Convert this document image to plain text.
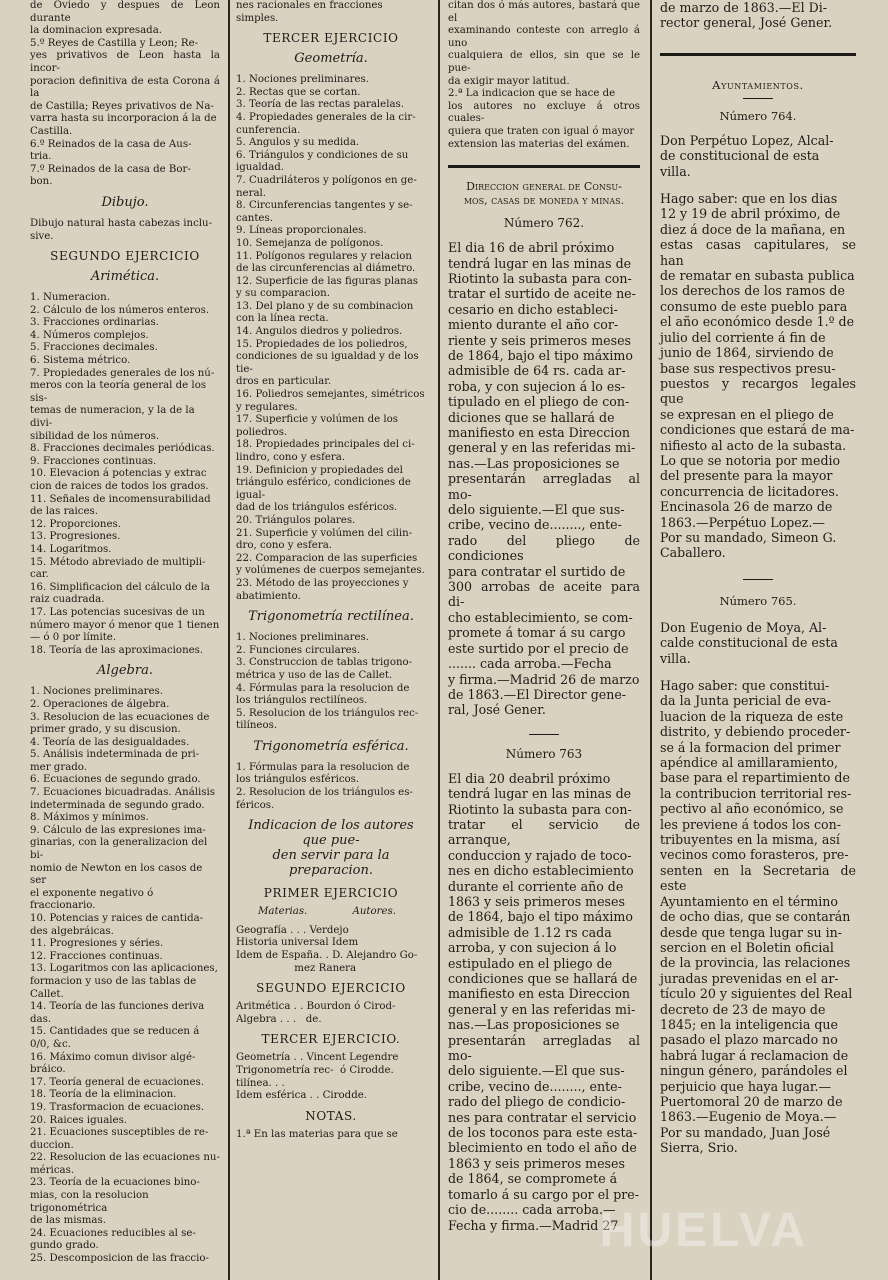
de Oviedo y despues de Leon durante
la dominacion expresada.
5.º Reyes de Castilla y Leon; Re-
yes privativos de Leon hasta la incor-
poracion definitiva de esta Corona á la
de Castilla; Reyes privativos de Na-
varra hasta su incorporacion á la de
Castilla.
6.º Reinados de la casa de Aus-
tria.
7.º Reinados de la casa de Bor-
bon.
Dibujo.
Dibujo natural hasta cabezas inclu-
sive.
SEGUNDO EJERCICIO
Arimética.
1. Numeracion.
2. Cálculo de los números enteros.
3. Fracciones ordinarias.
4. Números complejos.
5. Fracciones decimales.
6. Sistema métrico.
7. Propiedades generales de los nú-
meros con la teoría general de los sis-
temas de numeracion, y la de la divi-
sibilidad de los números.
8. Fracciones decimales periódicas.
9. Fracciones continuas.
10. Elevacion á potencias y extrac
cion de raices de todos los grados.
11. Señales de incomensurabilidad
de las raices.
12. Proporciones.
13. Progresiones.
14. Logaritmos.
15. Método abreviado de multipli-
car.
16. Simplificacion del cálculo de la
raiz cuadrada.
17. Las potencias sucesivas de un
número mayor ó menor que 1 tienen
— ó 0 por límite.
18. Teoría de las aproximaciones.
Algebra.
1. Nociones preliminares.
2. Operaciones de álgebra.
3. Resolucion de las ecuaciones de
primer grado, y su discusion.
4. Teoría de las desigualdades.
5. Análisis indeterminada de pri-
mer grado.
6. Ecuaciones de segundo grado.
7. Ecuaciones bicuadradas. Análisis
indeterminada de segundo grado.
8. Máximos y mínimos.
9. Cálculo de las expresiones ima-
ginarias, con la generalizacion del bi-
nomio de Newton en los casos de ser
el exponente negativo ó fraccionario.
10. Potencias y raices de cantida-
des algebráicas.
11. Progresiones y séries.
12. Fracciones continuas.
13. Logaritmos con las aplicaciones,
formacion y uso de las tablas de
Callet.
14. Teoría de las funciones deriva
das.
15. Cantidades que se reducen á
0/0, &c.
16. Máximo comun divisor algé-
bráico.
17. Teoría general de ecuaciones.
18. Teoría de la eliminacion.
19. Trasformacion de ecuaciones.
20. Raices iguales.
21. Ecuaciones susceptibles de re-
duccion.
22. Resolucion de las ecuaciones nu-
méricas.
23. Teoría de la ecuaciones bino-
mias, con la resolucion trigonométrica
de las mismas.
24. Ecuaciones reducibles al se-
gundo grado.
25. Descomposicion de las fraccio-
nes racionales en fracciones simples.
TERCER EJERCICIO
Geometría.
1. Nociones preliminares.
2. Rectas que se cortan.
3. Teoría de las rectas paralelas.
4. Propiedades generales de la cir-
cunferencia.
5. Angulos y su medida.
6. Triángulos y condiciones de su
igualdad.
7. Cuadriláteros y polígonos en ge-
neral.
8. Circunferencias tangentes y se-
cantes.
9. Líneas proporcionales.
10. Semejanza de polígonos.
11. Polígonos regulares y relacion
de las circunferencias al diámetro.
12. Superficie de las figuras planas
y su comparacion.
13. Del plano y de su combinacion
con la línea recta.
14. Angulos diedros y poliedros.
15. Propiedades de los poliedros,
condiciones de su igualdad y de los tie-
dros en particular.
16. Poliedros semejantes, simétricos
y regulares.
17. Superficie y volúmen de los
poliedros.
18. Propiedades principales del ci-
lindro, cono y esfera.
19. Definicion y propiedades del
triángulo esférico, condiciones de igual-
dad de los triángulos esféricos.
20. Triángulos polares.
21. Superficie y volúmen del cilin-
dro, cono y esfera.
22. Comparacion de las superficies
y volúmenes de cuerpos semejantes.
23. Método de las proyecciones y
abatimiento.
Trigonometría rectilínea.
1. Nociones preliminares.
2. Funciones circulares.
3. Construccion de tablas trigono-
métrica y uso de las de Callet.
4. Fórmulas para la resolucion de
los triángulos rectilíneos.
5. Resolucion de los triángulos rec-
tilíneos.
Trigonometría esférica.
1. Fórmulas para la resolucion de
los triángulos esféricos.
2. Resolucion de los triángulos es-
féricos.
Indicacion de los autores que pue-
den servir para la preparacion.
PRIMER EJERCICIO
Materias.	Autores.
Geografía . . . Verdejo
Historia universal Idem
Idem de España. . D. Alejandro Go-
mez Ranera
SEGUNDO EJERCICIO
Aritmética . . Bourdon ó Cirod-
Algebra . . .   de.
TERCER EJERCICIO.
Geometría . . Vincent Legendre
Trigonometría rec-  ó Cirodde.
tilínea. . .
Idem esférica . . Cirodde.
NOTAS.
1.ª En las materias para que se
citan dos ó más autores, bastará que el
examinando conteste con arreglo á uno
cualquiera de ellos, sin que se le pue-
da exigir mayor latitud.
2.ª La indicacion que se hace de
los autores no excluye á otros cuales-
quiera que traten con igual ó mayor
extension las materias del exámen.
Direccion general de Consu-
mos, casas de moneda y minas.
Número 762.
El dia 16 de abril próximo
tendrá lugar en las minas de
Riotinto la subasta para con-
tratar el surtido de aceite ne-
cesario en dicho estableci-
miento durante el año cor-
riente y seis primeros meses
de 1864, bajo el tipo máximo
admisible de 64 rs. cada ar-
roba, y con sujecion á lo es-
tipulado en el pliego de con-
diciones que se hallará de
manifiesto en esta Direccion
general y en las referidas mi-
nas.—Las proposiciones se
presentarán arregladas al mo-
delo siguiente.—El que sus-
cribe, vecino de........, ente-
rado del pliego de condiciones
para contratar el surtido de
300 arrobas de aceite para di-
cho establecimiento, se com-
promete á tomar á su cargo
este surtido por el precio de
....... cada arroba.—Fecha
y firma.—Madrid 26 de marzo
de 1863.—El Director gene-
ral, José Gener.
Número 763
El dia 20 deabril próximo
tendrá lugar en las minas de
Riotinto la subasta para con-
tratar el servicio de arranque,
conduccion y rajado de toco-
nes en dicho establecimiento
durante el corriente año de
1863 y seis primeros meses
de 1864, bajo el tipo máximo
admisible de 1.12 rs cada
arroba, y con sujecion á lo
estipulado en el pliego de
condiciones que se hallará de
manifiesto en esta Direccion
general y en las referidas mi-
nas.—Las proposiciones se
presentarán arregladas al mo-
delo siguiente.—El que sus-
cribe, vecino de........, ente-
rado del pliego de condicio-
nes para contratar el servicio
de los toconos para este esta-
blecimiento en todo el año de
1863 y seis primeros meses
de 1864, se compromete á
tomarlo á su cargo por el pre-
cio de........ cada arroba.—
Fecha y firma.—Madrid 27
de marzo de 1863.—El Di-
rector general, José Gener.
Ayuntamientos.
Número 764.
Don Perpétuo Lopez, Alcal-
de constitucional de esta
villa.
Hago saber: que en los dias
12 y 19 de abril próximo, de
diez á doce de la mañana, en
estas casas capitulares, se han
de rematar en subasta publica
los derechos de los ramos de
consumo de este pueblo para
el año económico desde 1.º de
julio del corriente á fin de
junio de 1864, sirviendo de
base sus respectivos presu-
puestos y recargos legales que
se expresan en el pliego de
condiciones que estará de ma-
nifiesto al acto de la subasta.
Lo que se notoria por medio
del presente para la mayor
concurrencia de licitadores.
Encinasola 26 de marzo de
1863.—Perpétuo Lopez.—
Por su mandado, Simeon G.
Caballero.
Número 765.
Don Eugenio de Moya, Al-
calde constitucional de esta
villa.
Hago saber: que constitui-
da la Junta pericial de eva-
luacion de la riqueza de este
distrito, y debiendo proceder-
se á la formacion del primer
apéndice al amillaramiento,
base para el repartimiento de
la contribucion territorial res-
pectivo al año económico, se
les previene á todos los con-
tribuyentes en la misma, así
vecinos como forasteros, pre-
senten en la Secretaria de este
Ayuntamiento en el término
de ocho dias, que se contarán
desde que tenga lugar su in-
sercion en el Boletin oficial
de la provincia, las relaciones
juradas prevenidas en el ar-
tículo 20 y siguientes del Real
decreto de 23 de mayo de
1845; en la inteligencia que
pasado el plazo marcado no
habrá lugar á reclamacion de
ningun género, parándoles el
perjuicio que haya lugar.—
Puertomoral 20 de marzo de
1863.—Eugenio de Moya.—
Por su mandado, Juan José
Sierra, Srio.
HUELVA
